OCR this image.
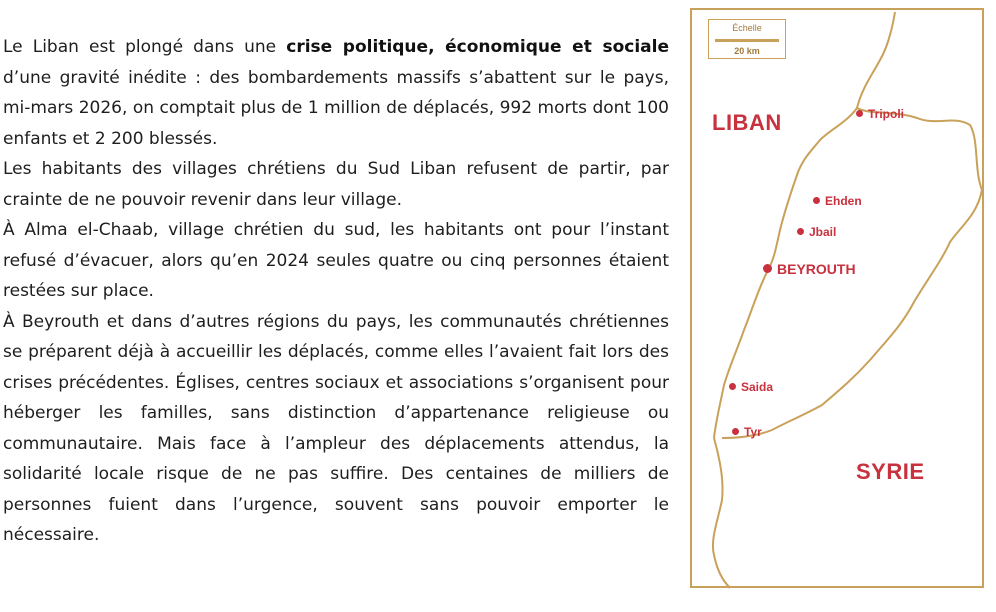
Le Liban est plongé dans une crise politique, économique et sociale d’une gravité inédite : des bombardements massifs s’abattent sur le pays, mi-mars 2026, on comptait plus de 1 million de déplacés, 992 morts dont 100 enfants et 2 200 blessés.

Les habitants des villages chrétiens du Sud Liban refusent de partir, par crainte de ne pouvoir revenir dans leur village.

À Alma el-Chaab, village chrétien du sud, les habitants ont pour l’instant refusé d’évacuer, alors qu’en 2024 seules quatre ou cinq personnes étaient restées sur place.

À Beyrouth et dans d’autres régions du pays, les communautés chrétiennes se préparent déjà à accueillir les déplacés, comme elles l’avaient fait lors des crises précédentes. Églises, centres sociaux et associations s’organisent pour héberger les familles, sans distinction d’appartenance religieuse ou communautaire. Mais face à l’ampleur des déplacements attendus, la solidarité locale risque de ne pas suffire. Des centaines de milliers de personnes fuient dans l’urgence, souvent sans pouvoir emporter le nécessaire.

Échelle
20 km
LIBAN
SYRIE
Tripoli
Ehden
Jbail
BEYROUTH
Saida
Tyr
